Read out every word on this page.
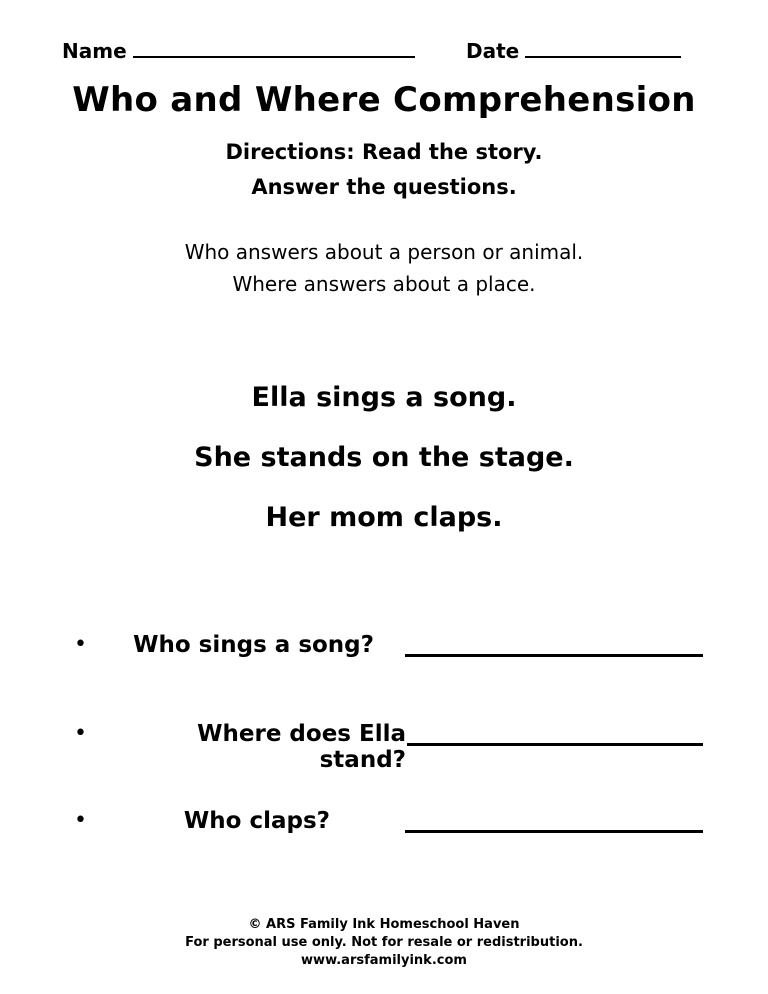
Name	Date
Who and Where Comprehension
Directions: Read the story.
Answer the questions.
Who answers about a person or animal.
Where answers about a place.
Ella sings a song.
She stands on the stage.
Her mom claps.
•	Who sings a song?
•	Where does Ella stand?
•	Who claps?
© ARS Family Ink Homeschool Haven
For personal use only. Not for resale or redistribution.
www.arsfamilyink.com
